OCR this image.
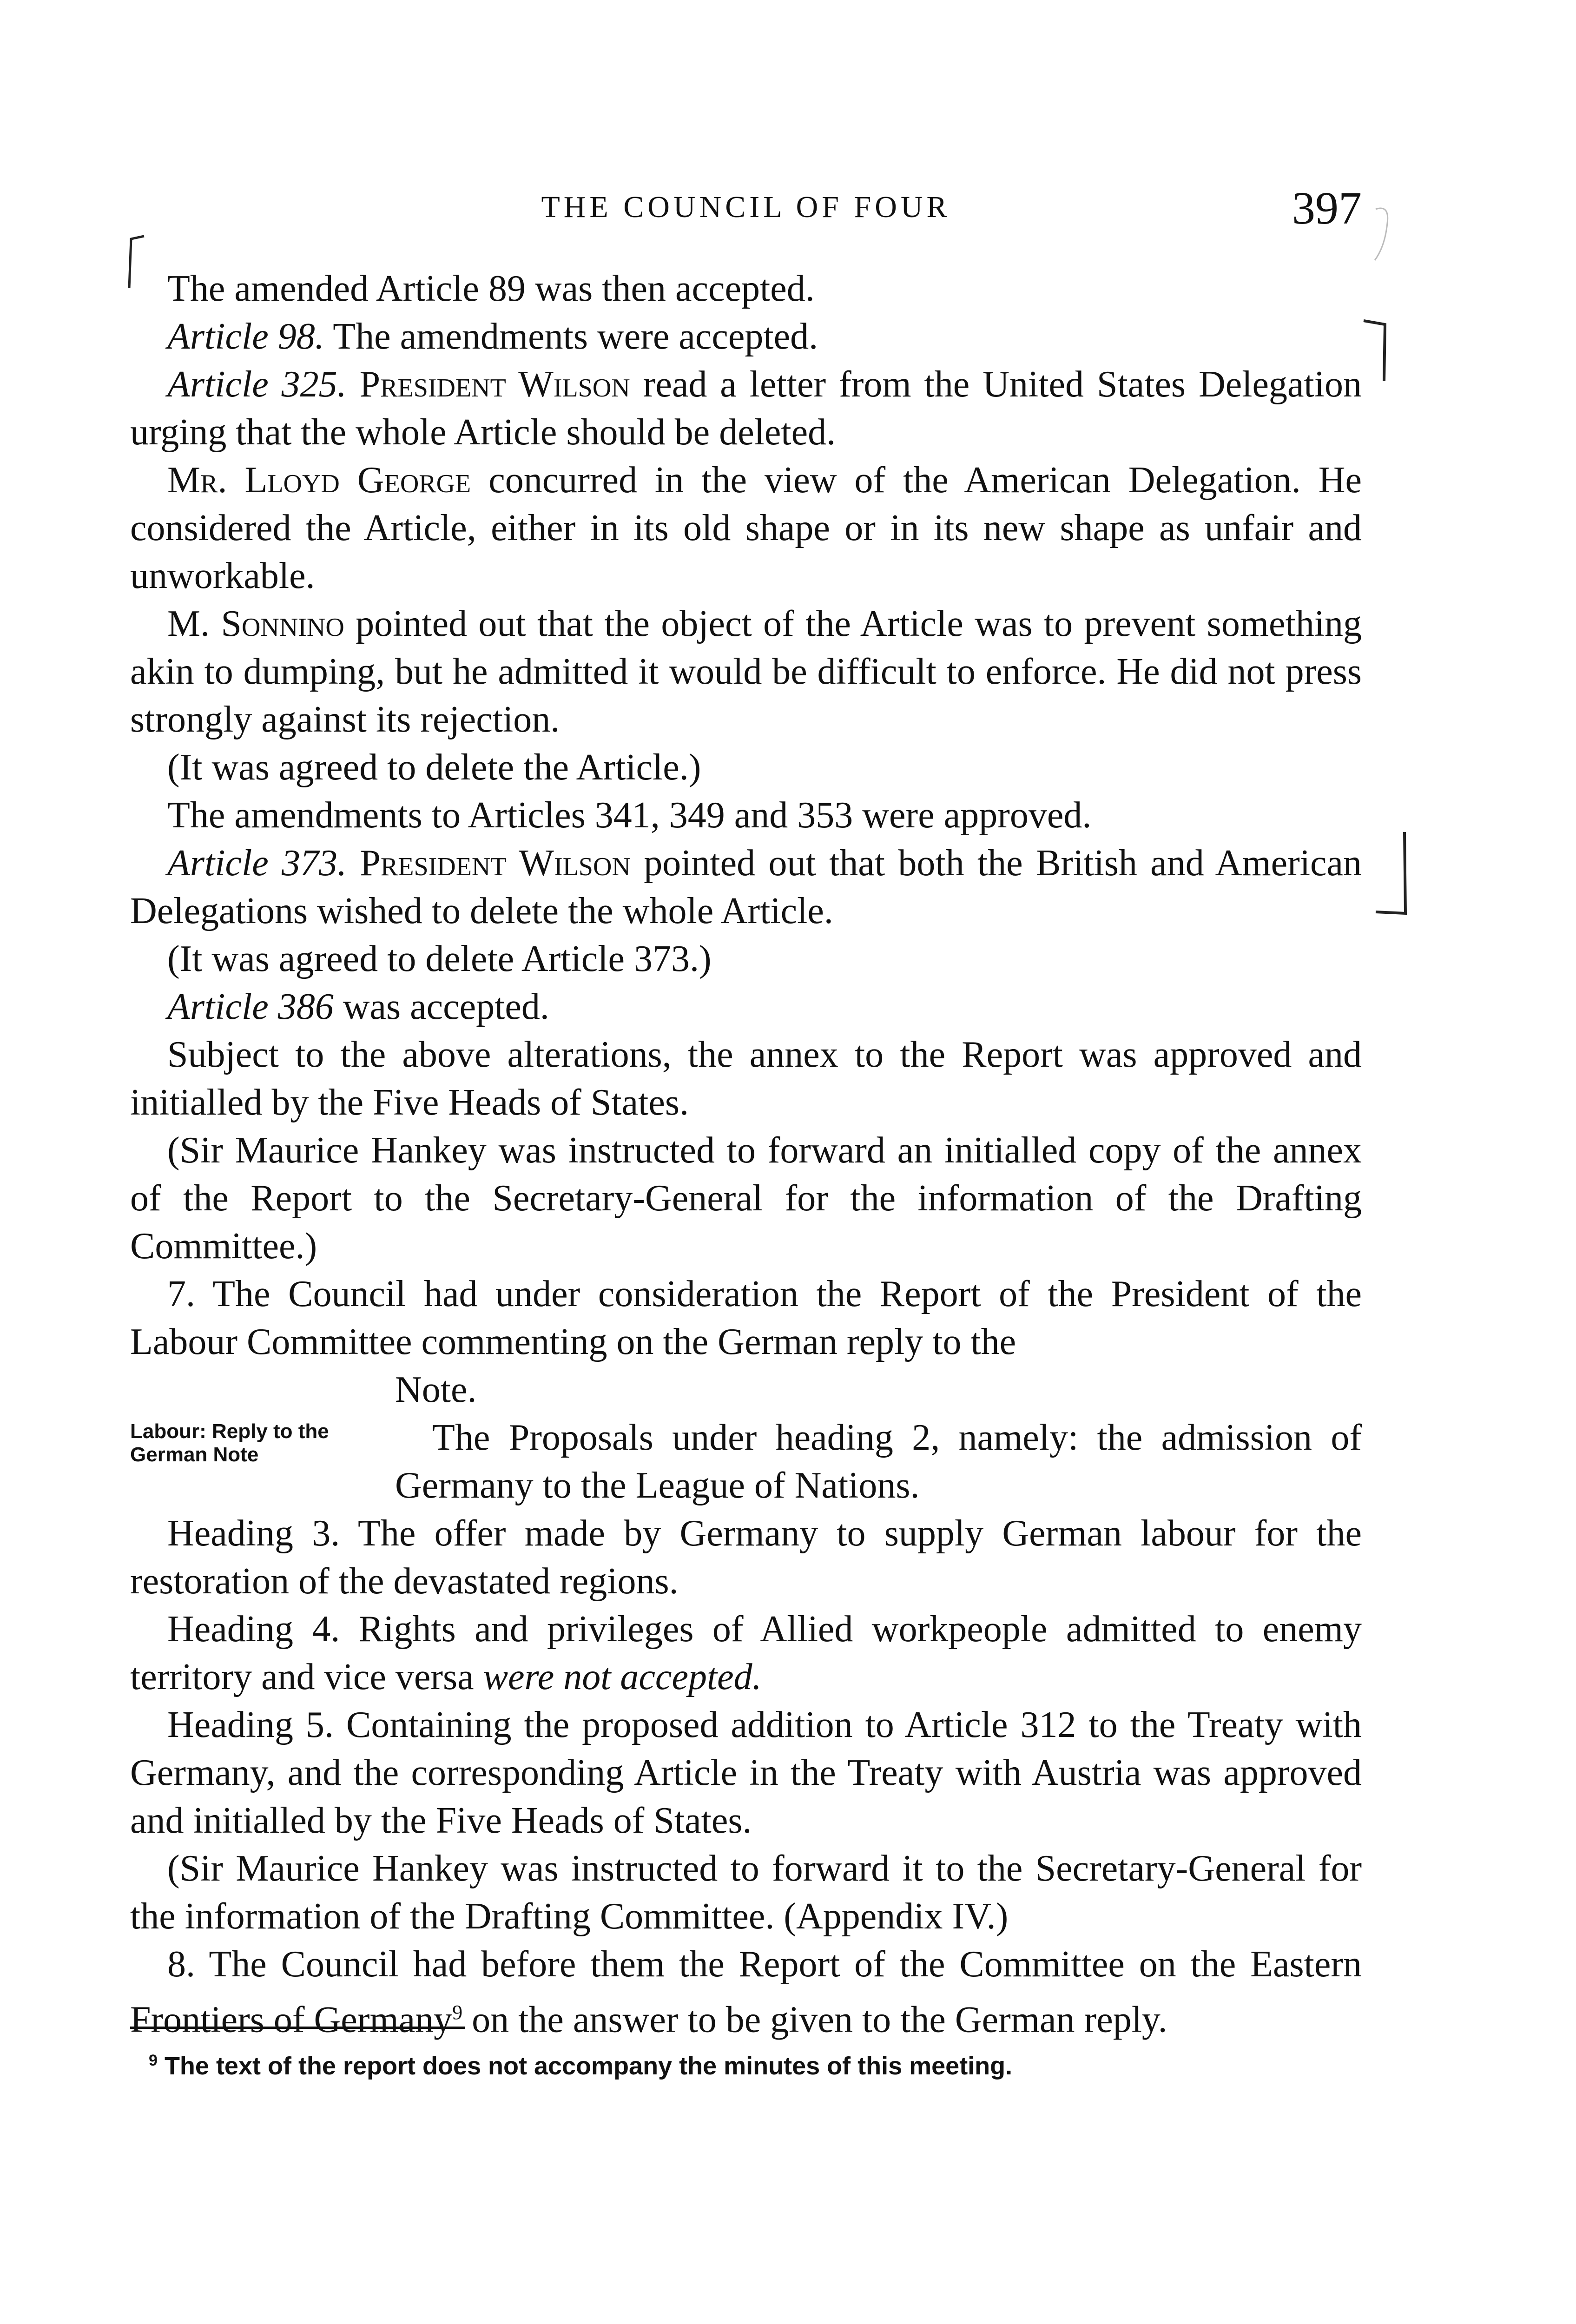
THE COUNCIL OF FOUR	397

The amended Article 89 was then accepted.

Article 98. The amendments were accepted.

Article 325. President Wilson read a letter from the United States Delegation urging that the whole Article should be deleted.

Mr. Lloyd George concurred in the view of the American Delegation. He considered the Article, either in its old shape or in its new shape as unfair and unworkable.

M. Sonnino pointed out that the object of the Article was to prevent something akin to dumping, but he admitted it would be difficult to enforce. He did not press strongly against its rejection.

(It was agreed to delete the Article.)

The amendments to Articles 341, 349 and 353 were approved.

Article 373. President Wilson pointed out that both the British and American Delegations wished to delete the whole Article.

(It was agreed to delete Article 373.)

Article 386 was accepted.

Subject to the above alterations, the annex to the Report was approved and initialled by the Five Heads of States.

(Sir Maurice Hankey was instructed to forward an initialled copy of the annex of the Report to the Secretary-General for the information of the Drafting Committee.)

7. The Council had under consideration the Report of the President of the Labour Committee commenting on the German reply to the

Labour: Reply to the German Note

Note.

The Proposals under heading 2, namely: the admission of Germany to the League of Nations.

Heading 3. The offer made by Germany to supply German labour for the restoration of the devastated regions.

Heading 4. Rights and privileges of Allied workpeople admitted to enemy territory and vice versa were not accepted.

Heading 5. Containing the proposed addition to Article 312 to the Treaty with Germany, and the corresponding Article in the Treaty with Austria was approved and initialled by the Five Heads of States.

(Sir Maurice Hankey was instructed to forward it to the Secretary-General for the information of the Drafting Committee. (Appendix IV.)

8. The Council had before them the Report of the Committee on the Eastern Frontiers of Germany$^9$ on the answer to be given to the German reply.

$^9$ The text of the report does not accompany the minutes of this meeting.
